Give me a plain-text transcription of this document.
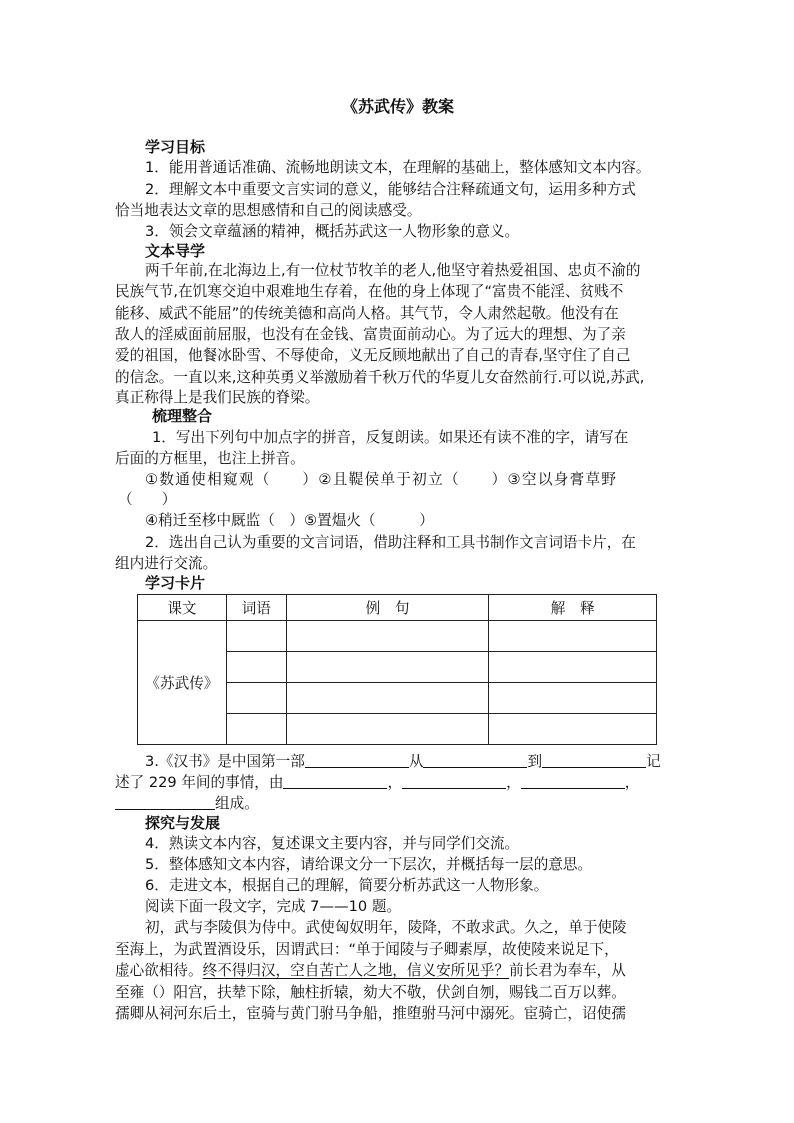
《苏武传》教案
学习目标
1．能用普通话准确、流畅地朗读文本，在理解的基础上，整体感知文本内容。
2．理解文本中重要文言实词的意义，能够结合注释疏通文句，运用多种方式
恰当地表达文章的思想感情和自己的阅读感受。
3．领会文章蕴涵的精神，概括苏武这一人物形象的意义。
文本导学
两千年前,在北海边上,有一位杖节牧羊的老人,他坚守着热爱祖国、忠贞不渝的
民族气节,在饥寒交迫中艰难地生存着，在他的身上体现了“富贵不能淫、贫贱不
能移、威武不能屈”的传统美德和高尚人格。其气节，令人肃然起敬。他没有在
敌人的淫威面前屈服，也没有在金钱、富贵面前动心。为了远大的理想、为了亲
爱的祖国，他餐冰卧雪、不辱使命，义无反顾地献出了自己的青春,坚守住了自己
的信念。一直以来,这种英勇义举激励着千秋万代的华夏儿女奋然前行.可以说,苏武,
真正称得上是我们民族的脊梁。
梳理整合
1．写出下列句中加点字的拼音，反复朗读。如果还有读不准的字，请写在
后面的方框里，也注上拼音。
①数通使相窥观（　　）②且鞮侯单于初立（　　）③空以身膏草野
（　　）
④稍迁至栘中厩监（　）⑤置煴火（　　　）
2．选出自己认为重要的文言词语，借助注释和工具书制作文言词语卡片，在
组内进行交流。
学习卡片
课文	词语	例　句	解　释
《苏武传》			

3.《汉书》是中国第一部	从	到	记
述了 229 年间的事情，由	，	，	，
组成。
探究与发展
4．熟读文本内容，复述课文主要内容，并与同学们交流。
5．整体感知文本内容，请给课文分一下层次，并概括每一层的意思。
6．走进文本，根据自己的理解，简要分析苏武这一人物形象。
阅读下面一段文字，完成 7——10 题。
初，武与李陵俱为侍中。武使匈奴明年，陵降，不敢求武。久之，单于使陵
至海上，为武置酒设乐，因谓武曰：“单于闻陵与子卿素厚，故使陵来说足下，
虚心欲相待。终不得归汉，空自苦亡人之地，信义安所见乎？前长君为奉车，从
至雍（）阳宫，扶辇下除，触柱折辕，劾大不敬，伏剑自刎，赐钱二百万以葬。
孺卿从祠河东后土，宦骑与黄门驸马争船，推堕驸马河中溺死。宦骑亡，诏使孺
